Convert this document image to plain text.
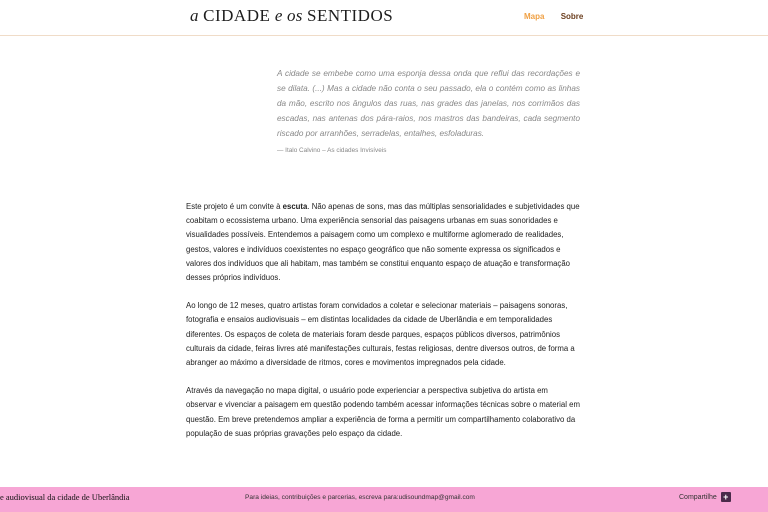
a CIDADE e os SENTIDOS	Mapa Sobre
A cidade se embebe como uma esponja dessa onda que reflui das recordações e se dilata. (...) Mas a cidade não conta o seu passado, ela o contém como as linhas da mão, escrito nos ângulos das ruas, nas grades das janelas, nos corrimãos das escadas, nas antenas dos pára-raios, nos mastros das bandeiras, cada segmento riscado por arranhões, serradelas, entalhes, esfoladuras.
— Italo Calvino – As cidades Invisíveis

Este projeto é um convite à escuta. Não apenas de sons, mas das múltiplas sensorialidades e subjetividades que coabitam o ecossistema urbano. Uma experiência sensorial das paisagens urbanas em suas sonoridades e visualidades possíveis. Entendemos a paisagem como um complexo e multiforme aglomerado de realidades, gestos, valores e indivíduos coexistentes no espaço geográfico que não somente expressa os significados e valores dos indivíduos que ali habitam, mas também se constitui enquanto espaço de atuação e transformação desses próprios indivíduos.

Ao longo de 12 meses, quatro artistas foram convidados a coletar e selecionar materiais – paisagens sonoras, fotografia e ensaios audiovisuais – em distintas localidades da cidade de Uberlândia e em temporalidades diferentes. Os espaços de coleta de materiais foram desde parques, espaços públicos diversos, patrimônios culturais da cidade, feiras livres até manifestações culturais, festas religiosas, dentre diversos outros, de forma a abranger ao máximo a diversidade de ritmos, cores e movimentos impregnados pela cidade.

Através da navegação no mapa digital, o usuário pode experienciar a perspectiva subjetiva do artista em observar e vivenciar a paisagem em questão podendo também acessar informações técnicas sobre o material em questão. Em breve pretendemos ampliar a experiência de forma a permitir um compartilhamento colaborativo da população de suas próprias gravações pelo espaço da cidade.

e audiovisual da cidade de Uberlândia	Para ideias, contribuições e parcerias, escreva para:udisoundmap@gmail.com	Compartilhe +
